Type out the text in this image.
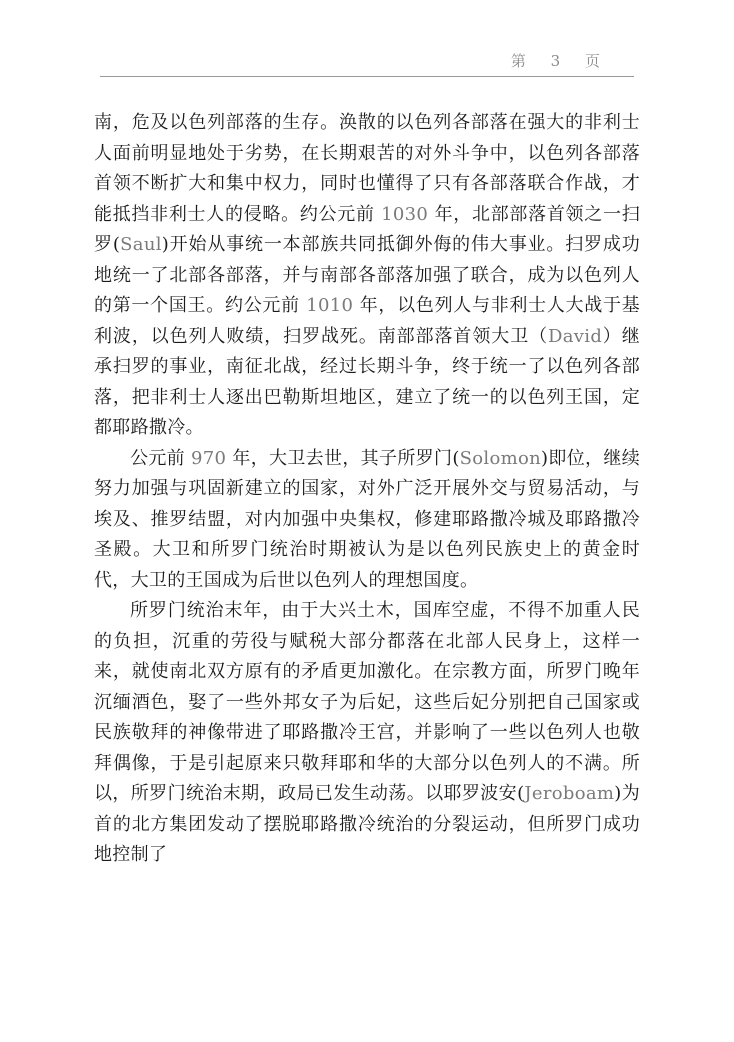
第 3 页

南，危及以色列部落的生存。涣散的以色列各部落在强大的非利士人面前明显地处于劣势，在长期艰苦的对外斗争中，以色列各部落首领不断扩大和集中权力，同时也懂得了只有各部落联合作战，才能抵挡非利士人的侵略。约公元前 1030 年，北部部落首领之一扫罗(Saul)开始从事统一本部族共同抵御外侮的伟大事业。扫罗成功地统一了北部各部落，并与南部各部落加强了联合，成为以色列人的第一个国王。约公元前 1010 年，以色列人与非利士人大战于基利波，以色列人败绩，扫罗战死。南部部落首领大卫（David）继承扫罗的事业，南征北战，经过长期斗争，终于统一了以色列各部落，把非利士人逐出巴勒斯坦地区，建立了统一的以色列王国，定都耶路撒冷。

公元前 970 年，大卫去世，其子所罗门(Solomon)即位，继续努力加强与巩固新建立的国家，对外广泛开展外交与贸易活动，与埃及、推罗结盟，对内加强中央集权，修建耶路撒冷城及耶路撒冷圣殿。大卫和所罗门统治时期被认为是以色列民族史上的黄金时代，大卫的王国成为后世以色列人的理想国度。

所罗门统治末年，由于大兴土木，国库空虚，不得不加重人民的负担，沉重的劳役与赋税大部分都落在北部人民身上，这样一来，就使南北双方原有的矛盾更加激化。在宗教方面，所罗门晚年沉缅酒色，娶了一些外邦女子为后妃，这些后妃分别把自己国家或民族敬拜的神像带进了耶路撒冷王宫，并影响了一些以色列人也敬拜偶像，于是引起原来只敬拜耶和华的大部分以色列人的不满。所以，所罗门统治末期，政局已发生动荡。以耶罗波安(Jeroboam)为首的北方集团发动了摆脱耶路撒冷统治的分裂运动，但所罗门成功地控制了
